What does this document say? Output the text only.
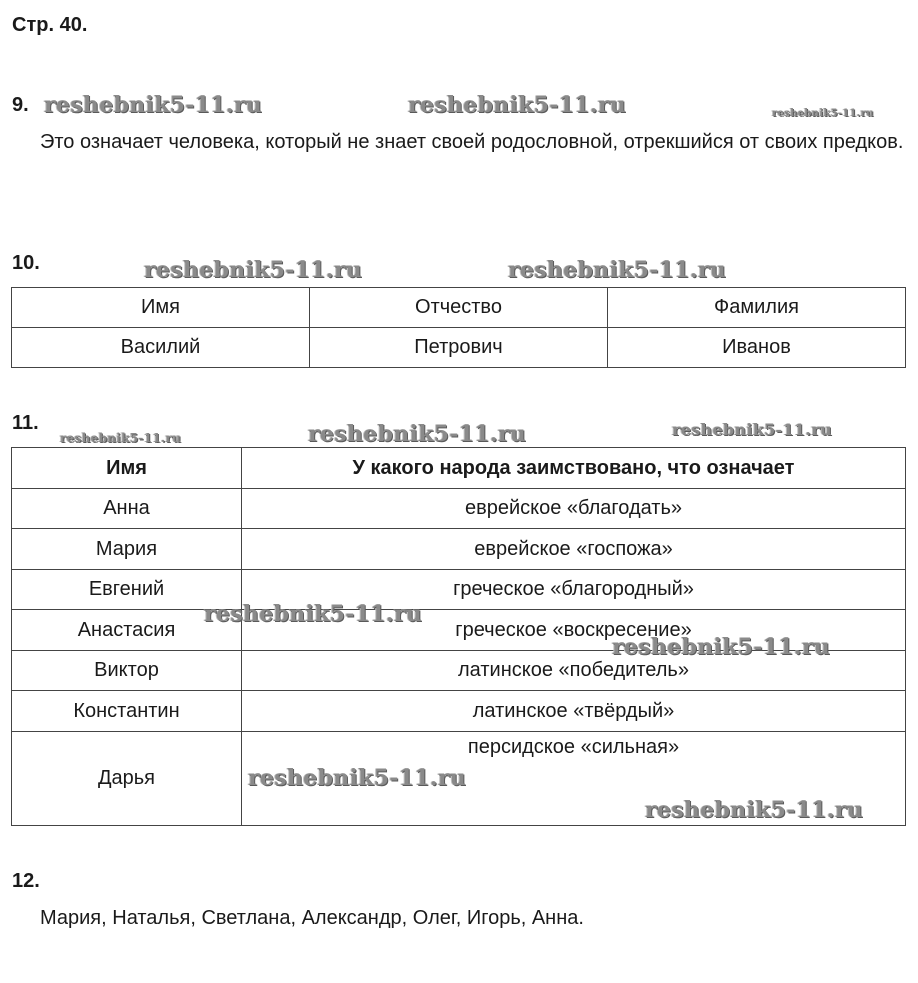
Стр. 40.
9.
Это означает человека, который не знает своей родословной, отрекшийся от своих предков.
10.
Имя	Отчество	Фамилия
Василий	Петрович	Иванов
11.
Имя	У какого народа заимствовано, что означает
Анна	еврейское «благодать»
Мария	еврейское «госпожа»
Евгений	греческое «благородный»
Анастасия	греческое «воскресение»
Виктор	латинское «победитель»
Константин	латинское «твёрдый»
Дарья	персидское «сильная»
12.
Мария, Наталья, Светлана, Александр, Олег, Игорь, Анна.
reshebnik5-11.ru	reshebnik5-11.ru	reshebnik5-11.ru
reshebnik5-11.ru	reshebnik5-11.ru
reshebnik5-11.ru	reshebnik5-11.ru	reshebnik5-11.ru
reshebnik5-11.ru
reshebnik5-11.ru
reshebnik5-11.ru
reshebnik5-11.ru
